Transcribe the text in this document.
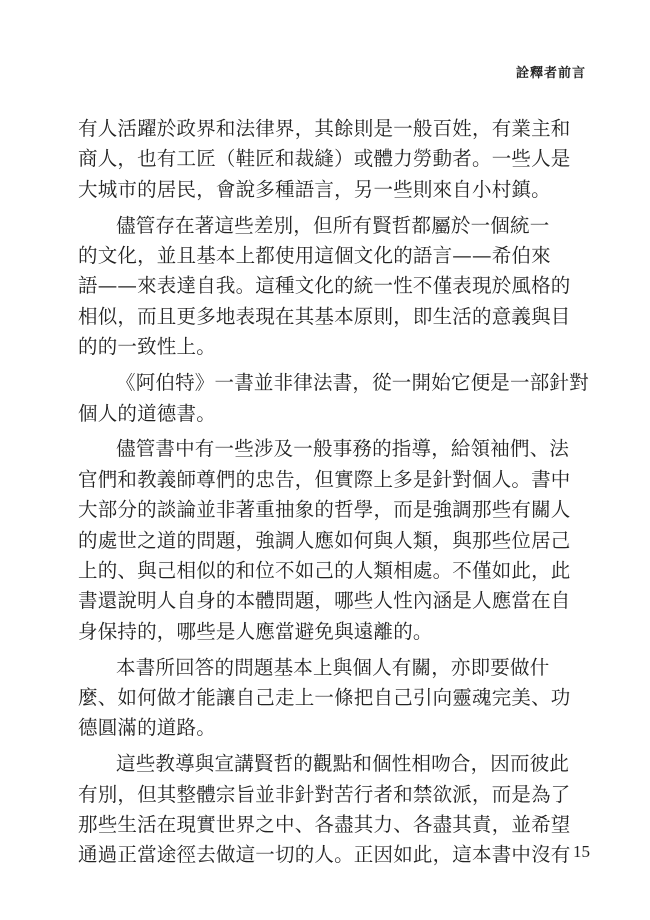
詮釋者前言
有人活躍於政界和法律界，其餘則是一般百姓，有業主和
商人，也有工匠（鞋匠和裁縫）或體力勞動者。一些人是
大城市的居民，會說多種語言，另一些則來自小村鎮。
儘管存在著這些差別，但所有賢哲都屬於一個統一
的文化，並且基本上都使用這個文化的語言——希伯來
語——來表達自我。這種文化的統一性不僅表現於風格的
相似，而且更多地表現在其基本原則，即生活的意義與目
的的一致性上。
《阿伯特》一書並非律法書，從一開始它便是一部針對
個人的道德書。
儘管書中有一些涉及一般事務的指導，給領袖們、法
官們和教義師尊們的忠告，但實際上多是針對個人。書中
大部分的談論並非著重抽象的哲學，而是強調那些有關人
的處世之道的問題，強調人應如何與人類，與那些位居己
上的、與己相似的和位不如己的人類相處。不僅如此，此
書還說明人自身的本體問題，哪些人性內涵是人應當在自
身保持的，哪些是人應當避免與遠離的。
本書所回答的問題基本上與個人有關，亦即要做什
麼、如何做才能讓自己走上一條把自己引向靈魂完美、功
德圓滿的道路。
這些教導與宣講賢哲的觀點和個性相吻合，因而彼此
有別，但其整體宗旨並非針對苦行者和禁欲派，而是為了
那些生活在現實世界之中、各盡其力、各盡其責，並希望
通過正當途徑去做這一切的人。正因如此，這本書中沒有 15
